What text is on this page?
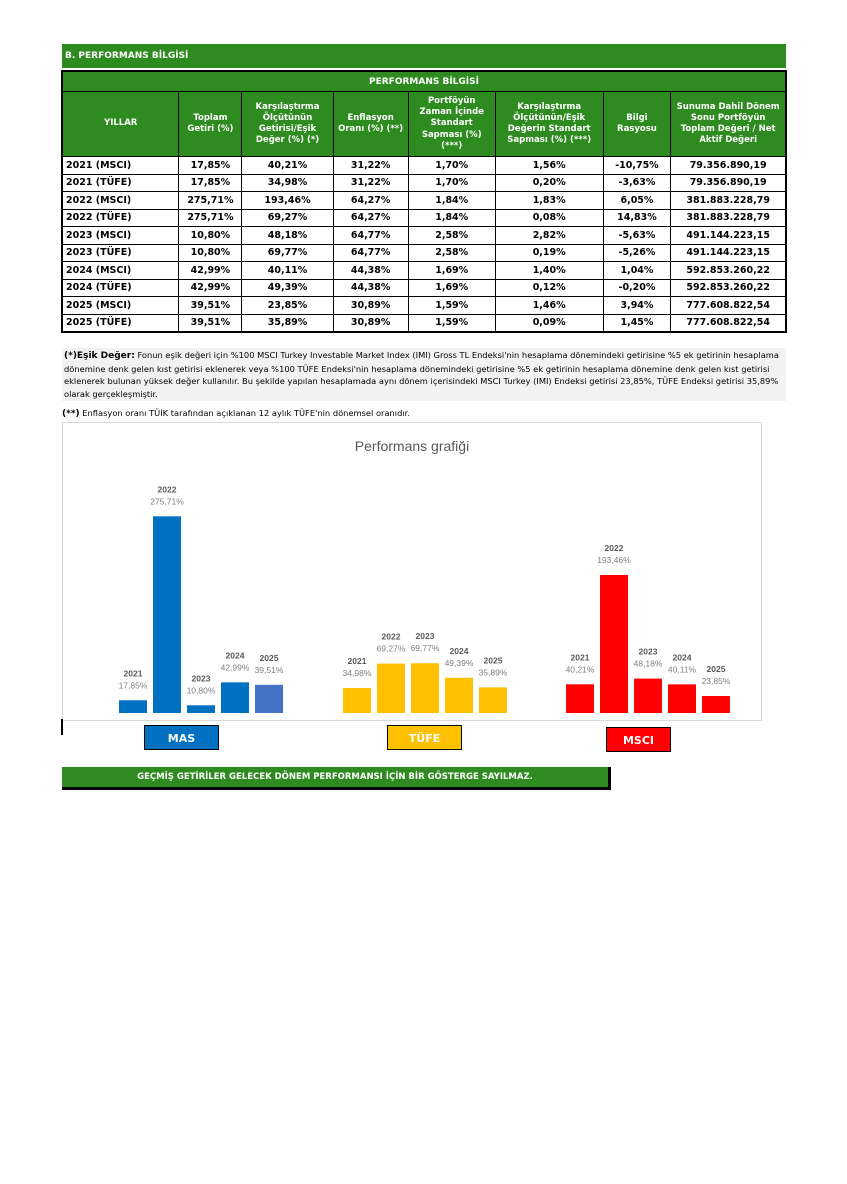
B. PERFORMANS BİLGİSİ
PERFORMANS BİLGİSİ							
YILLAR	Toplam Getiri (%)	Karşılaştırma Ölçütünün Getirisi/Eşik Değer (%) (*)	Enflasyon Oranı (%) (**)	Portföyün Zaman İçinde Standart Sapması (%) (***)	Karşılaştırma Ölçütünün/Eşik Değerin Standart Sapması (%) (***)	Bilgi Rasyosu	Sunuma Dahil Dönem Sonu Portföyün Toplam Değeri / Net Aktif Değeri
2021 (MSCI)	17,85%	40,21%	31,22%	1,70%	1,56%	-10,75%	79.356.890,19
2021 (TÜFE)	17,85%	34,98%	31,22%	1,70%	0,20%	-3,63%	79.356.890,19
2022 (MSCI)	275,71%	193,46%	64,27%	1,84%	1,83%	6,05%	381.883.228,79
2022 (TÜFE)	275,71%	69,27%	64,27%	1,84%	0,08%	14,83%	381.883.228,79
2023 (MSCI)	10,80%	48,18%	64,77%	2,58%	2,82%	-5,63%	491.144.223,15
2023 (TÜFE)	10,80%	69,77%	64,77%	2,58%	0,19%	-5,26%	491.144.223,15
2024 (MSCI)	42,99%	40,11%	44,38%	1,69%	1,40%	1,04%	592.853.260,22
2024 (TÜFE)	42,99%	49,39%	44,38%	1,69%	0,12%	-0,20%	592.853.260,22
2025 (MSCI)	39,51%	23,85%	30,89%	1,59%	1,46%	3,94%	777.608.822,54
2025 (TÜFE)	39,51%	35,89%	30,89%	1,59%	0,09%	1,45%	777.608.822,54
(*)Eşik Değer: Fonun eşik değeri için %100 MSCI Turkey Investable Market Index (IMI) Gross TL Endeksi'nin hesaplama dönemindeki getirisine %5 ek getirinin hesaplama dönemine denk gelen kıst getirisi eklenerek veya %100 TÜFE Endeksi'nin hesaplama dönemindeki getirisine %5 ek getirinin hesaplama dönemine denk gelen kıst getirisi eklenerek bulunan yüksek değer kullanılır. Bu şekilde yapılan hesaplamada aynı dönem içerisindeki MSCI Turkey (IMI) Endeksi getirisi 23,85%, TÜFE Endeksi getirisi 35,89% olarak gerçekleşmiştir.
(**) Enflasyon oranı TÜİK tarafından açıklanan 12 aylık TÜFE'nin dönemsel oranıdır.
Performans grafiği
2021
17,85%
2022
275,71%
2023
10,80%
2024
42,99%
2025
39,51%
2021
34,98%
2022
69,27%
2023
69,77% 2024
49,39% 2025
35,89%
2021
40,21%
2022
193,46%
2023
48,18%
2024
40,11% 2025
23,85%
MAS	TÜFE	MSCI
GEÇMİŞ GETİRİLER GELECEK DÖNEM PERFORMANSI İÇİN BİR GÖSTERGE SAYILMAZ.
